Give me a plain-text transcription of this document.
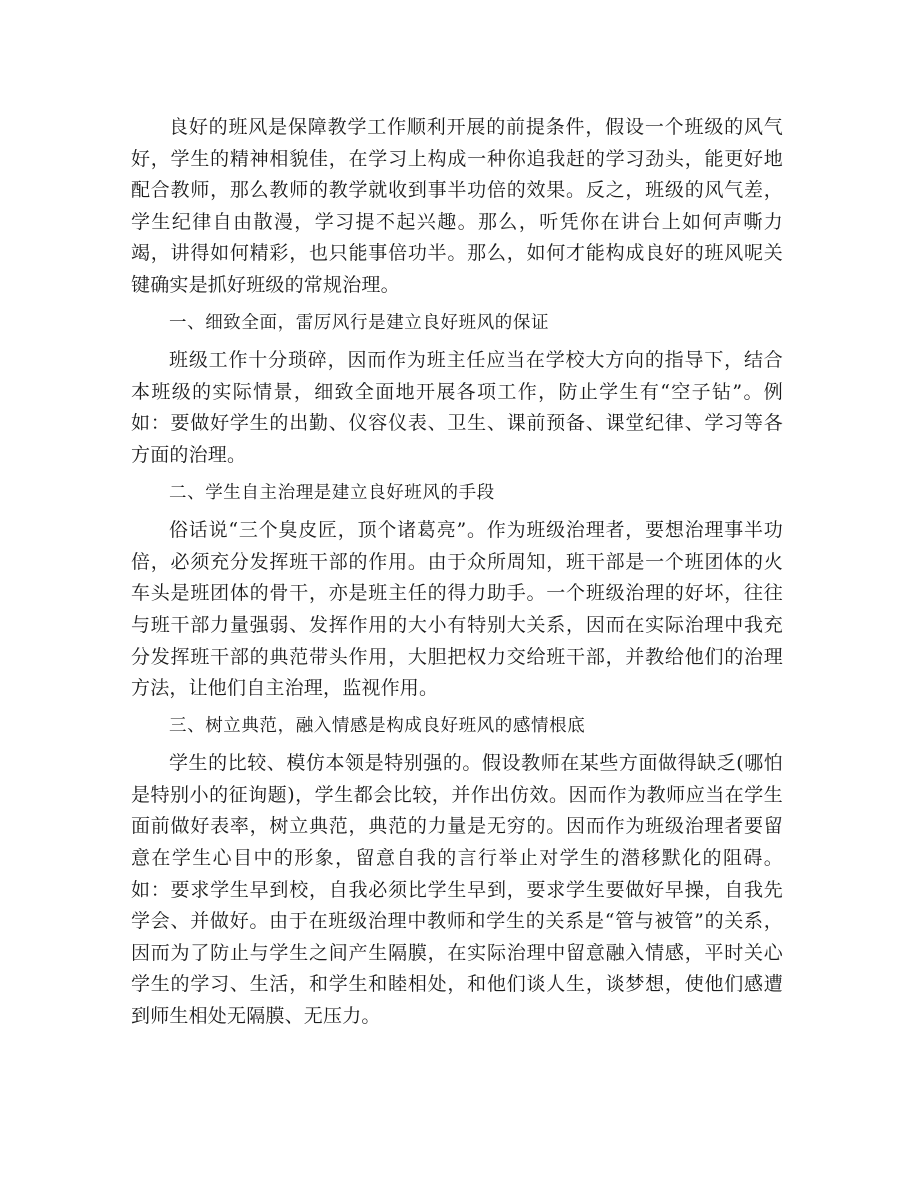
良好的班风是保障教学工作顺利开展的前提条件，假设一个班级的风气好，学生的精神相貌佳，在学习上构成一种你追我赶的学习劲头，能更好地配合教师，那么教师的教学就收到事半功倍的效果。反之，班级的风气差，学生纪律自由散漫，学习提不起兴趣。那么，听凭你在讲台上如何声嘶力竭，讲得如何精彩，也只能事倍功半。那么，如何才能构成良好的班风呢关键确实是抓好班级的常规治理。

一、细致全面，雷厉风行是建立良好班风的保证

班级工作十分琐碎，因而作为班主任应当在学校大方向的指导下，结合本班级的实际情景，细致全面地开展各项工作，防止学生有“空子钻”。例如：要做好学生的出勤、仪容仪表、卫生、课前预备、课堂纪律、学习等各方面的治理。

二、学生自主治理是建立良好班风的手段

俗话说“三个臭皮匠，顶个诸葛亮”。作为班级治理者，要想治理事半功倍，必须充分发挥班干部的作用。由于众所周知，班干部是一个班团体的火车头是班团体的骨干，亦是班主任的得力助手。一个班级治理的好坏，往往与班干部力量强弱、发挥作用的大小有特别大关系，因而在实际治理中我充分发挥班干部的典范带头作用，大胆把权力交给班干部，并教给他们的治理方法，让他们自主治理，监视作用。

三、树立典范，融入情感是构成良好班风的感情根底

学生的比较、模仿本领是特别强的。假设教师在某些方面做得缺乏(哪怕是特别小的征询题)，学生都会比较，并作出仿效。因而作为教师应当在学生面前做好表率，树立典范，典范的力量是无穷的。因而作为班级治理者要留意在学生心目中的形象，留意自我的言行举止对学生的潜移默化的阻碍。如：要求学生早到校，自我必须比学生早到，要求学生要做好早操，自我先学会、并做好。由于在班级治理中教师和学生的关系是“管与被管”的关系，因而为了防止与学生之间产生隔膜，在实际治理中留意融入情感，平时关心学生的学习、生活，和学生和睦相处，和他们谈人生，谈梦想，使他们感遭到师生相处无隔膜、无压力。
